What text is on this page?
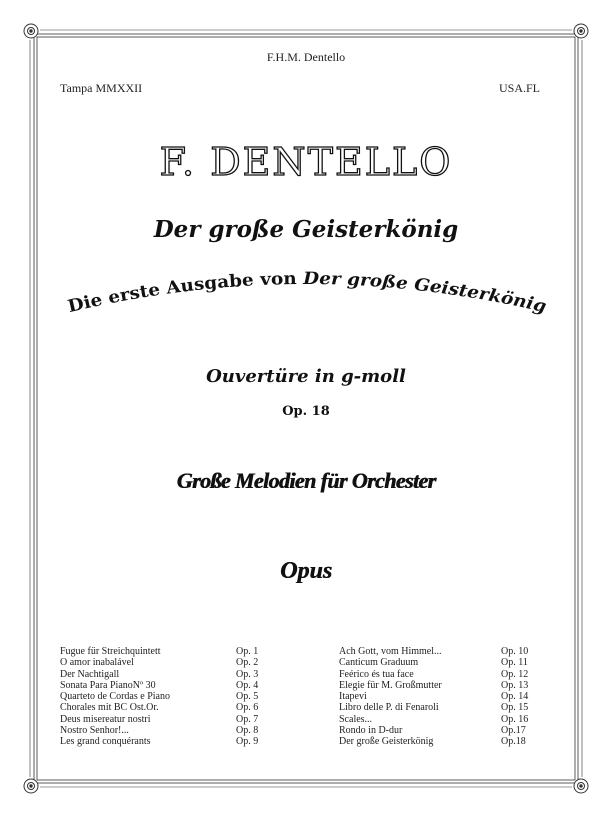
F.H.M. Dentello
Tampa MMXXII	USA.FL
F. DENTELLO
Der große Geisterkönig
Die erste Ausgabe von Der große Geisterkönig
Ouvertüre in g-moll
Op. 18
Große Melodien für Orchester
Opus
Fugue für Streichquintett	Op. 1
O amor inabalável	Op. 2
Der Nachtigall	Op. 3
Sonata Para PianoNº 30	Op. 4
Quarteto de Cordas e Piano	Op. 5
Chorales mit BC Ost.Or.	Op. 6
Deus misereatur nostri	Op. 7
Nostro Senhor!...	Op. 8
Les grand conquérants	Op. 9
Ach Gott, vom Himmel...	Op. 10
Canticum Graduum	Op. 11
Feérico és tua face	Op. 12
Elegie für M. Großmutter	Op. 13
Itapevi	Op. 14
Libro delle P. di Fenaroli	Op. 15
Scales...	Op. 16
Rondo in D-dur	Op.17
Der große Geisterkönig	Op.18
